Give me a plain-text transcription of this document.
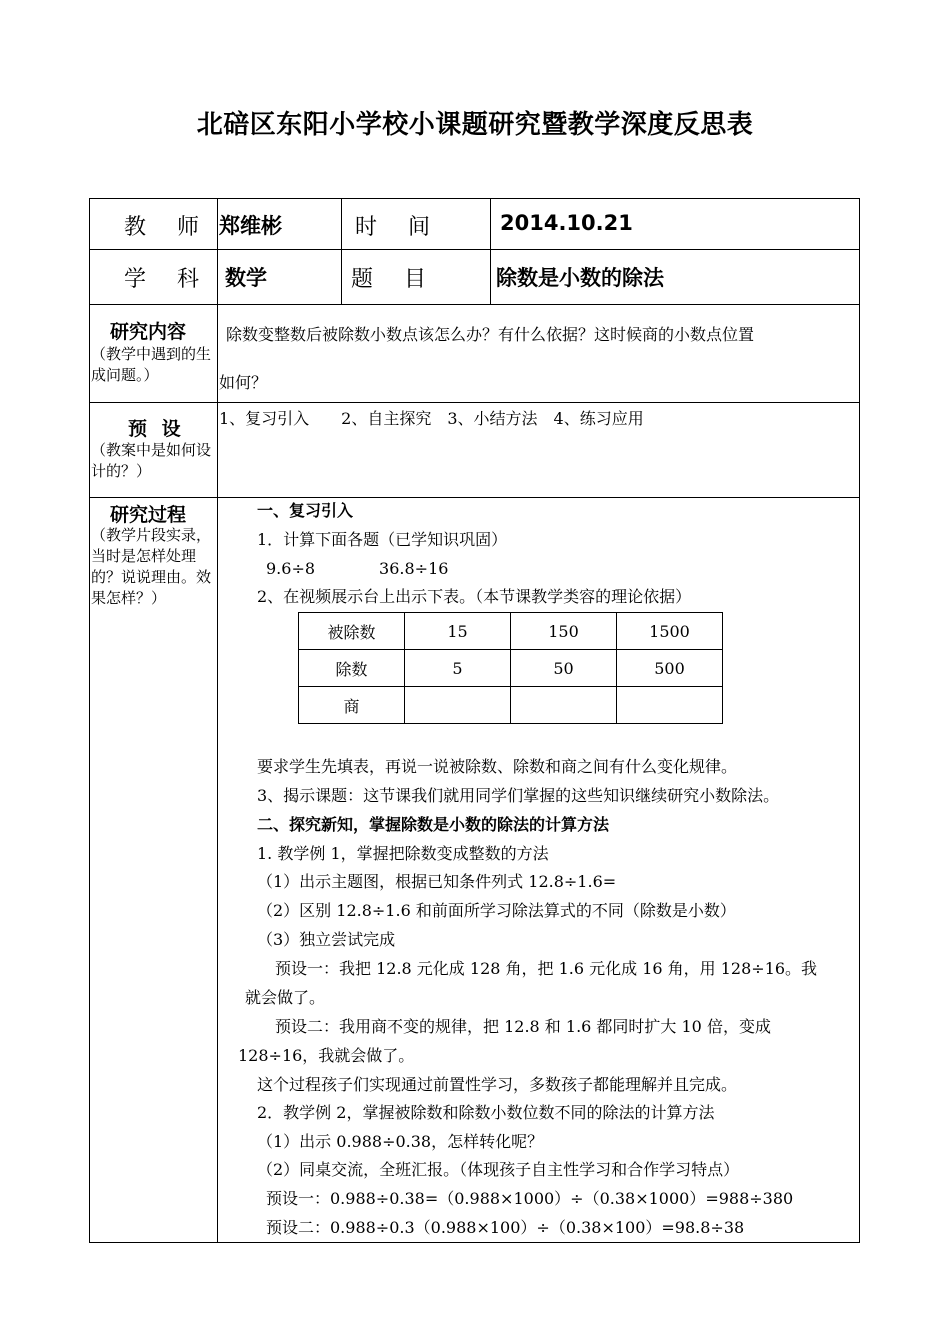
北碚区东阳小学校小课题研究暨教学深度反思表
教 师 郑维彬	时 间	2014.10.21
学 科 数学	题 目	除数是小数的除法
研究内容
（教学中遇到的生成问题。）
除数变整数后被除数小数点该怎么办？有什么依据？这时候商的小数点位置
如何？
预 设
（教案中是如何设计的？）
1、复习引入　　2、自主探究　3、小结方法　4、练习应用
研究过程
（教学片段实录，当时是怎样处理的？说说理由。效果怎样？）
一、复习引入
1．计算下面各题（已学知识巩固）
9.6÷8　　　　36.8÷16
2、在视频展示台上出示下表。（本节课教学类容的理论依据）
被除数	15	150	1500
除数	5	50	500
商			
要求学生先填表，再说一说被除数、除数和商之间有什么变化规律。
3、揭示课题：这节课我们就用同学们掌握的这些知识继续研究小数除法。
二、探究新知，掌握除数是小数的除法的计算方法
1. 教学例 1，掌握把除数变成整数的方法
（1）出示主题图，根据已知条件列式 12.8÷1.6=
（2）区别 12.8÷1.6 和前面所学习除法算式的不同（除数是小数）
（3）独立尝试完成
预设一：我把 12.8 元化成 128 角，把 1.6 元化成 16 角，用 128÷16。我
就会做了。
预设二：我用商不变的规律，把 12.8 和 1.6 都同时扩大 10 倍，变成
128÷16，我就会做了。
这个过程孩子们实现通过前置性学习，多数孩子都能理解并且完成。
2．教学例 2，掌握被除数和除数小数位数不同的除法的计算方法
（1）出示 0.988÷0.38，怎样转化呢？
（2）同桌交流，全班汇报。（体现孩子自主性学习和合作学习特点）
预设一：0.988÷0.38=（0.988×1000）÷（0.38×1000）=988÷380
预设二：0.988÷0.3（0.988×100）÷（0.38×100）=98.8÷38
